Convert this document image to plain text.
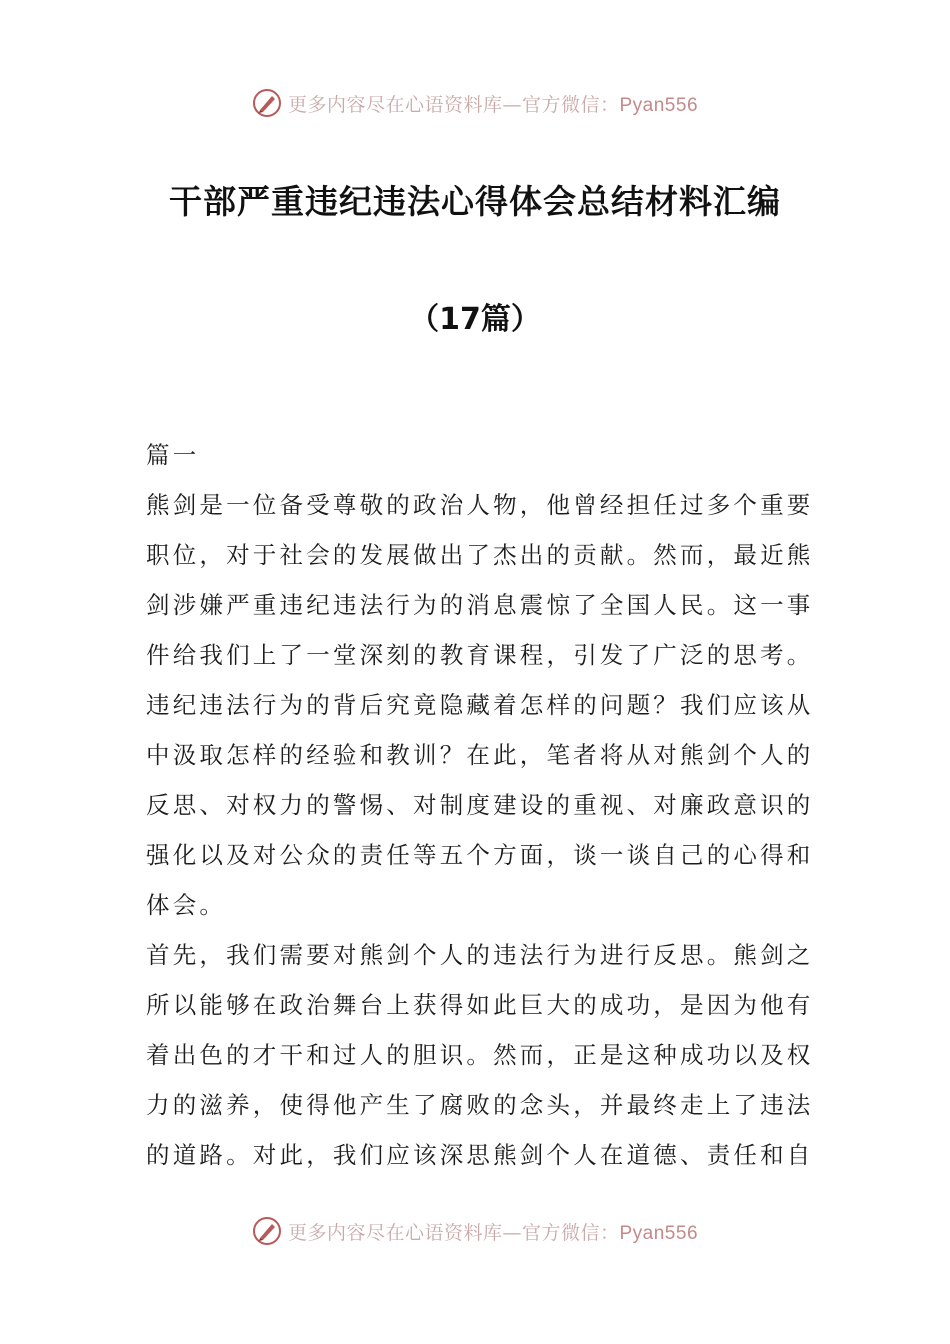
更多内容尽在心语资料库—官方微信：Pyan556
干部严重违纪违法心得体会总结材料汇编
（17篇）
篇一
熊剑是一位备受尊敬的政治人物，他曾经担任过多个重要
职位，对于社会的发展做出了杰出的贡献。然而，最近熊
剑涉嫌严重违纪违法行为的消息震惊了全国人民。这一事
件给我们上了一堂深刻的教育课程，引发了广泛的思考。
违纪违法行为的背后究竟隐藏着怎样的问题？我们应该从
中汲取怎样的经验和教训？在此，笔者将从对熊剑个人的
反思、对权力的警惕、对制度建设的重视、对廉政意识的
强化以及对公众的责任等五个方面，谈一谈自己的心得和
体会。
首先，我们需要对熊剑个人的违法行为进行反思。熊剑之
所以能够在政治舞台上获得如此巨大的成功，是因为他有
着出色的才干和过人的胆识。然而，正是这种成功以及权
力的滋养，使得他产生了腐败的念头，并最终走上了违法
的道路。对此，我们应该深思熊剑个人在道德、责任和自
更多内容尽在心语资料库—官方微信：Pyan556
